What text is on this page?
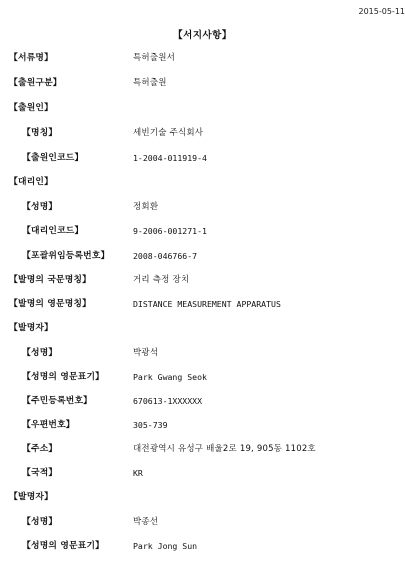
2015-05-11
【서지사항】
【서류명】	특허출원서
【출원구분】	특허출원
【출원인】
【명칭】	세빈기술 주식회사
【출원인코드】	1-2004-011919-4
【대리인】
【성명】	정회환
【대리인코드】	9-2006-001271-1
【포괄위임등록번호】	2008-046766-7
【발명의 국문명칭】	거리 측정 장치
【발명의 영문명칭】	DISTANCE MEASUREMENT APPARATUS
【발명자】
【성명】	박광석
【성명의 영문표기】	Park Gwang Seok
【주민등록번호】	670613-1XXXXXX
【우편번호】	305-739
【주소】	대전광역시 유성구 배울2로 19, 905동 1102호
【국적】	KR
【발명자】
【성명】	박종선
【성명의 영문표기】	Park Jong Sun
